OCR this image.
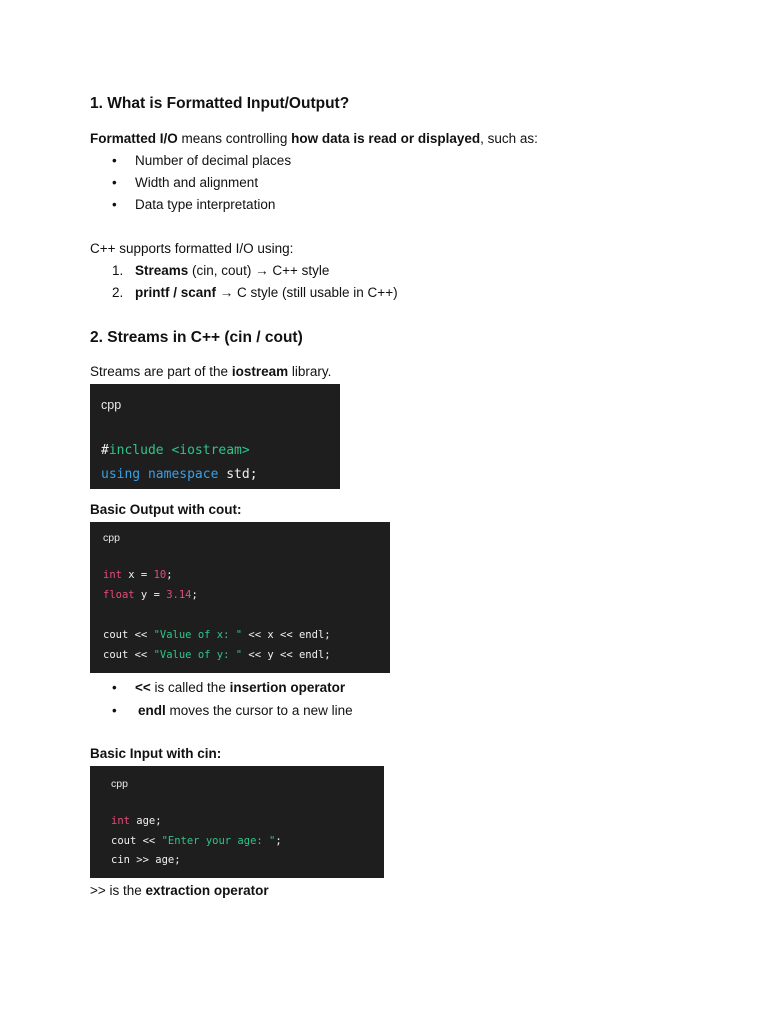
1. What is Formatted Input/Output?
Formatted I/O means controlling how data is read or displayed, such as:
• Number of decimal places
• Width and alignment
• Data type interpretation
C++ supports formatted I/O using:
1. Streams (cin, cout) → C++ style
2. printf / scanf → C style (still usable in C++)
2. Streams in C++ (cin / cout)
Streams are part of the iostream library.
cpp
#include <iostream>
using namespace std;
Basic Output with cout:
cpp
int x = 10;
float y = 3.14;
cout << "Value of x: " << x << endl;
cout << "Value of y: " << y << endl;
• << is called the insertion operator
• endl moves the cursor to a new line
Basic Input with cin:
cpp
int age;
cout << "Enter your age: ";
cin >> age;
>> is the extraction operator
